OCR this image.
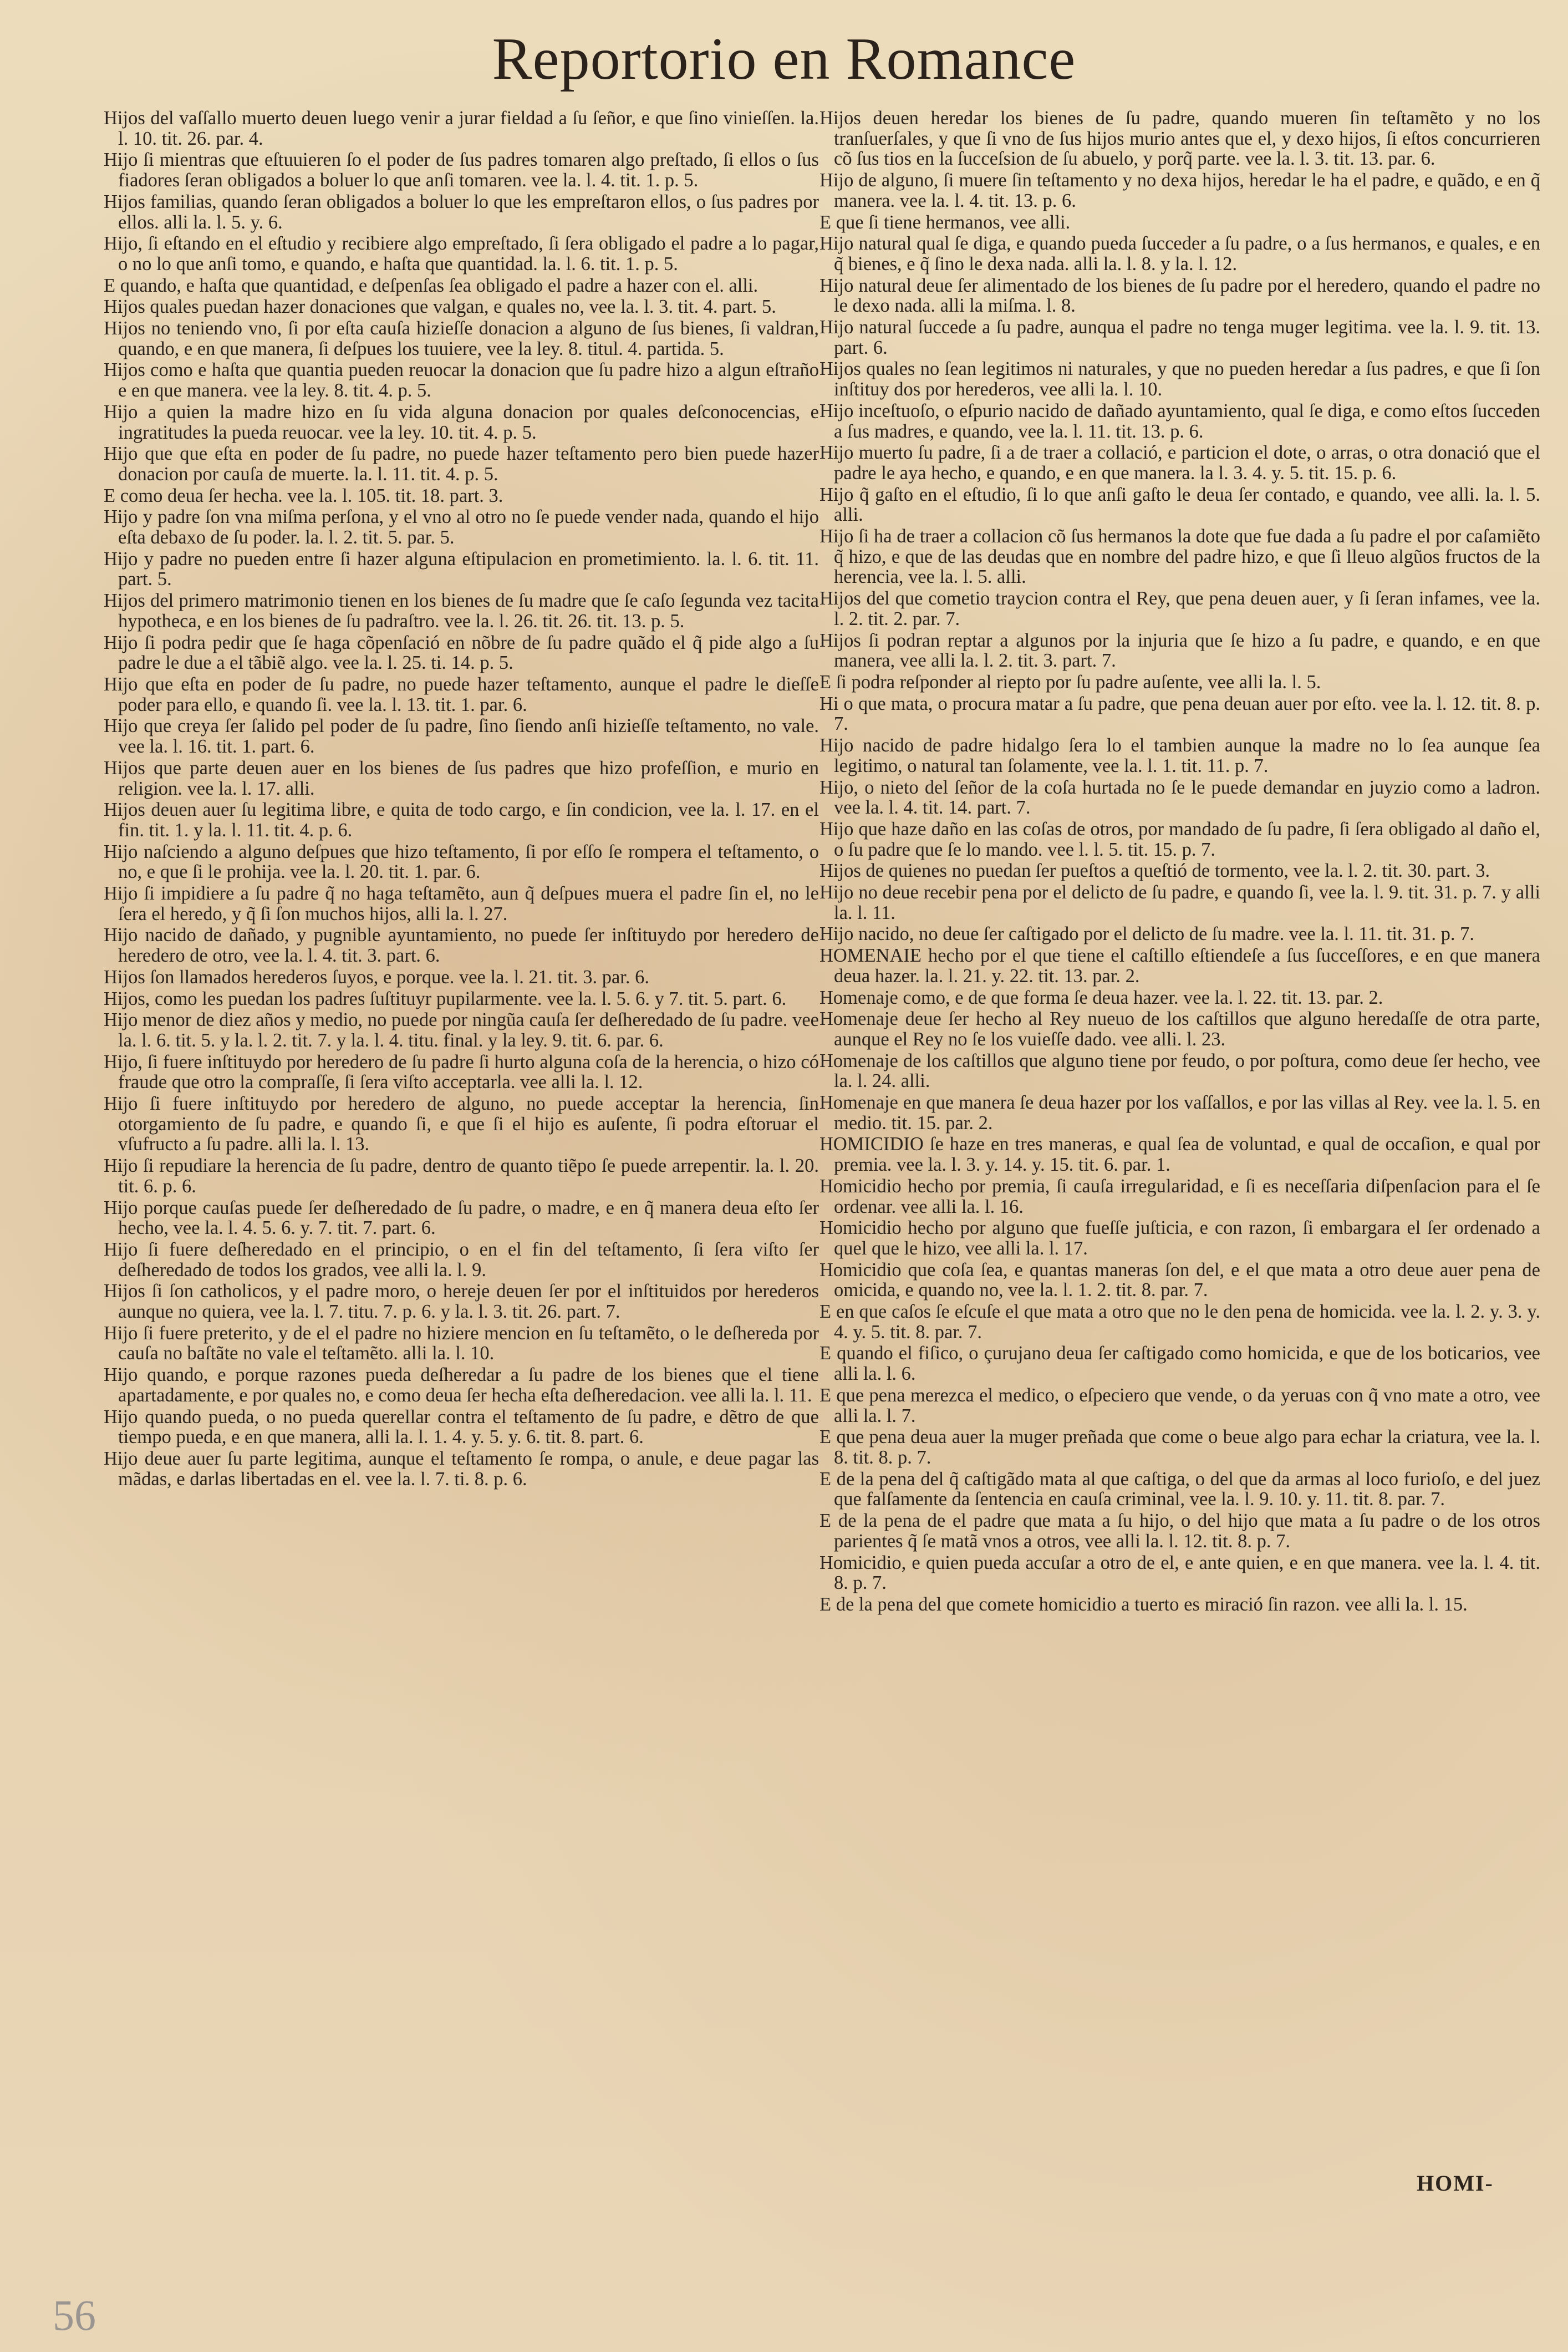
Reportorio en Romance

Hijos del vaſſallo muerto deuen luego venir a jurar fieldad a ſu ſeñor, e que ſino vinieſſen. la. l. 10. tit. 26. par. 4.

Hijo ſi mientras que eſtuuieren ſo el poder de ſus padres tomaren algo preſtado, ſi ellos o ſus fiadores ſeran obligados a boluer lo que anſi tomaren. vee la. l. 4. tit. 1. p. 5.

Hijos familias, quando ſeran obligados a boluer lo que les empreſtaron ellos, o ſus padres por ellos. alli la. l. 5. y. 6.

Hijo, ſi eſtando en el eſtudio y recibiere algo empreſtado, ſi ſera obligado el padre a lo pagar, o no lo que anſi tomo, e quando, e haſta que quantidad. la. l. 6. tit. 1. p. 5.

E quando, e haſta que quantidad, e deſpenſas ſea obligado el padre a hazer con el. alli.

Hijos quales puedan hazer donaciones que valgan, e quales no, vee la. l. 3. tit. 4. part. 5.

Hijos no teniendo vno, ſi por eſta cauſa hizieſſe donacion a alguno de ſus bienes, ſi valdran, quando, e en que manera, ſi deſpues los tuuiere, vee la ley. 8. titul. 4. partida. 5.

Hijos como e haſta que quantia pueden reuocar la donacion que ſu padre hizo a algun eſtraño e en que manera. vee la ley. 8. tit. 4. p. 5.

Hijo a quien la madre hizo en ſu vida alguna donacion por quales deſconocencias, e ingratitudes la pueda reuocar. vee la ley. 10. tit. 4. p. 5.

Hijo que que eſta en poder de ſu padre, no puede hazer teſtamento pero bien puede hazer donacion por cauſa de muerte. la. l. 11. tit. 4. p. 5.

E como deua ſer hecha. vee la. l. 105. tit. 18. part. 3.

Hijo y padre ſon vna miſma perſona, y el vno al otro no ſe puede vender nada, quando el hijo eſta debaxo de ſu poder. la. l. 2. tit. 5. par. 5.

Hijo y padre no pueden entre ſi hazer alguna eſtipulacion en prometimiento. la. l. 6. tit. 11. part. 5.

Hijos del primero matrimonio tienen en los bienes de ſu madre que ſe caſo ſegunda vez tacita hypotheca, e en los bienes de ſu padraſtro. vee la. l. 26. tit. 26. tit. 13. p. 5.

Hijo ſi podra pedir que ſe haga cõpenſació en nõbre de ſu padre quãdo el q̃ pide algo a ſu padre le due a el tãbiẽ algo. vee la. l. 25. ti. 14. p. 5.

Hijo que eſta en poder de ſu padre, no puede hazer teſtamento, aunque el padre le dieſſe poder para ello, e quando ſi. vee la. l. 13. tit. 1. par. 6.

Hijo que creya ſer ſalido pel poder de ſu padre, ſino ſiendo anſi hizieſſe teſtamento, no vale. vee la. l. 16. tit. 1. part. 6.

Hijos que parte deuen auer en los bienes de ſus padres que hizo profeſſion, e murio en religion. vee la. l. 17. alli.

Hijos deuen auer ſu legitima libre, e quita de todo cargo, e ſin condicion, vee la. l. 17. en el fin. tit. 1. y la. l. 11. tit. 4. p. 6.

Hijo naſciendo a alguno deſpues que hizo teſtamento, ſi por eſſo ſe rompera el teſtamento, o no, e que ſi le prohija. vee la. l. 20. tit. 1. par. 6.

Hijo ſi impidiere a ſu padre q̃ no haga teſtamẽto, aun q̃ deſpues muera el padre ſin el, no le ſera el heredo, y q̃ ſi ſon muchos hijos, alli la. l. 27.

Hijo nacido de dañado, y pugnible ayuntamiento, no puede ſer inſtituydo por heredero de heredero de otro, vee la. l. 4. tit. 3. part. 6.

Hijos ſon llamados herederos ſuyos, e porque. vee la. l. 21. tit. 3. par. 6.

Hijos, como les puedan los padres ſuſtituyr pupilarmente. vee la. l. 5. 6. y 7. tit. 5. part. 6.

Hijo menor de diez años y medio, no puede por ningũa cauſa ſer deſheredado de ſu padre. vee la. l. 6. tit. 5. y la. l. 2. tit. 7. y la. l. 4. titu. final. y la ley. 9. tit. 6. par. 6.

Hijo, ſi fuere inſtituydo por heredero de ſu padre ſi hurto alguna coſa de la herencia, o hizo có fraude que otro la compraſſe, ſi ſera viſto acceptarla. vee alli la. l. 12.

Hijo ſi fuere inſtituydo por heredero de alguno, no puede acceptar la herencia, ſin otorgamiento de ſu padre, e quando ſi, e que ſi el hijo es auſente, ſi podra eſtoruar el vſufructo a ſu padre. alli la. l. 13.

Hijo ſi repudiare la herencia de ſu padre, dentro de quanto tiẽpo ſe puede arrepentir. la. l. 20. tit. 6. p. 6.

Hijo porque cauſas puede ſer deſheredado de ſu padre, o madre, e en q̃ manera deua eſto ſer hecho, vee la. l. 4. 5. 6. y. 7. tit. 7. part. 6.

Hijo ſi fuere deſheredado en el principio, o en el fin del teſtamento, ſi ſera viſto ſer deſheredado de todos los grados, vee alli la. l. 9.

Hijos ſi ſon catholicos, y el padre moro, o hereje deuen ſer por el inſtituidos por herederos aunque no quiera, vee la. l. 7. titu. 7. p. 6. y la. l. 3. tit. 26. part. 7.

Hijo ſi fuere preterito, y de el el padre no hiziere mencion en ſu teſtamẽto, o le deſhereda por cauſa no baſtãte no vale el teſtamẽto. alli la. l. 10.

Hijo quando, e porque razones pueda deſheredar a ſu padre de los bienes que el tiene apartadamente, e por quales no, e como deua ſer hecha eſta deſheredacion. vee alli la. l. 11.

Hijo quando pueda, o no pueda querellar contra el teſtamento de ſu padre, e dẽtro de que tiempo pueda, e en que manera, alli la. l. 1. 4. y. 5. y. 6. tit. 8. part. 6.

Hijo deue auer ſu parte legitima, aunque el teſtamento ſe rompa, o anule, e deue pagar las mãdas, e darlas libertadas en el. vee la. l. 7. ti. 8. p. 6.

Hijos deuen heredar los bienes de ſu padre, quando mueren ſin teſtamẽto y no los tranſuerſales, y que ſi vno de ſus hijos murio antes que el, y dexo hijos, ſi eſtos concurrieren cõ ſus tios en la ſucceſsion de ſu abuelo, y porq̃ parte. vee la. l. 3. tit. 13. par. 6.

Hijo de alguno, ſi muere ſin teſtamento y no dexa hijos, heredar le ha el padre, e quãdo, e en q̃ manera. vee la. l. 4. tit. 13. p. 6.

E que ſi tiene hermanos, vee alli.

Hijo natural qual ſe diga, e quando pueda ſucceder a ſu padre, o a ſus hermanos, e quales, e en q̃ bienes, e q̃ ſino le dexa nada. alli la. l. 8. y la. l. 12.

Hijo natural deue ſer alimentado de los bienes de ſu padre por el heredero, quando el padre no le dexo nada. alli la miſma. l. 8.

Hijo natural ſuccede a ſu padre, aunqua el padre no tenga muger legitima. vee la. l. 9. tit. 13. part. 6.

Hijos quales no ſean legitimos ni naturales, y que no pueden heredar a ſus padres, e que ſi ſon inſtituy dos por herederos, vee alli la. l. 10.

Hijo inceſtuoſo, o eſpurio nacido de dañado ayuntamiento, qual ſe diga, e como eſtos ſucceden a ſus madres, e quando, vee la. l. 11. tit. 13. p. 6.

Hijo muerto ſu padre, ſi a de traer a collació, e particion el dote, o arras, o otra donació que el padre le aya hecho, e quando, e en que manera. la l. 3. 4. y. 5. tit. 15. p. 6.

Hijo q̃ gaſto en el eſtudio, ſi lo que anſi gaſto le deua ſer contado, e quando, vee alli. la. l. 5. alli.

Hijo ſi ha de traer a collacion cõ ſus hermanos la dote que fue dada a ſu padre el por caſamiẽto q̃ hizo, e que de las deudas que en nombre del padre hizo, e que ſi lleuo algũos fructos de la herencia, vee la. l. 5. alli.

Hijos del que cometio traycion contra el Rey, que pena deuen auer, y ſi ſeran infames, vee la. l. 2. tit. 2. par. 7.

Hijos ſi podran reptar a algunos por la injuria que ſe hizo a ſu padre, e quando, e en que manera, vee alli la. l. 2. tit. 3. part. 7.

E ſi podra reſponder al riepto por ſu padre auſente, vee alli la. l. 5.

Hi o que mata, o procura matar a ſu padre, que pena deuan auer por eſto. vee la. l. 12. tit. 8. p. 7.

Hijo nacido de padre hidalgo ſera lo el tambien aunque la madre no lo ſea aunque ſea legitimo, o natural tan ſolamente, vee la. l. 1. tit. 11. p. 7.

Hijo, o nieto del ſeñor de la coſa hurtada no ſe le puede demandar en juyzio como a ladron. vee la. l. 4. tit. 14. part. 7.

Hijo que haze daño en las coſas de otros, por mandado de ſu padre, ſi ſera obligado al daño el, o ſu padre que ſe lo mando. vee l. l. 5. tit. 15. p. 7.

Hijos de quienes no puedan ſer pueſtos a queſtió de tormento, vee la. l. 2. tit. 30. part. 3.

Hijo no deue recebir pena por el delicto de ſu padre, e quando ſi, vee la. l. 9. tit. 31. p. 7. y alli la. l. 11.

Hijo nacido, no deue ſer caſtigado por el delicto de ſu madre. vee la. l. 11. tit. 31. p. 7.

HOMENAIE hecho por el que tiene el caſtillo eſtiendeſe a ſus ſucceſſores, e en que manera deua hazer. la. l. 21. y. 22. tit. 13. par. 2.

Homenaje como, e de que forma ſe deua hazer. vee la. l. 22. tit. 13. par. 2.

Homenaje deue ſer hecho al Rey nueuo de los caſtillos que alguno heredaſſe de otra parte, aunque el Rey no ſe los vuieſſe dado. vee alli. l. 23.

Homenaje de los caſtillos que alguno tiene por feudo, o por poſtura, como deue ſer hecho, vee la. l. 24. alli.

Homenaje en que manera ſe deua hazer por los vaſſallos, e por las villas al Rey. vee la. l. 5. en medio. tit. 15. par. 2.

HOMICIDIO ſe haze en tres maneras, e qual ſea de voluntad, e qual de occaſion, e qual por premia. vee la. l. 3. y. 14. y. 15. tit. 6. par. 1.

Homicidio hecho por premia, ſi cauſa irregularidad, e ſi es neceſſaria diſpenſacion para el ſe ordenar. vee alli la. l. 16.

Homicidio hecho por alguno que fueſſe juſticia, e con razon, ſi embargara el ſer ordenado a quel que le hizo, vee alli la. l. 17.

Homicidio que coſa ſea, e quantas maneras ſon del, e el que mata a otro deue auer pena de omicida, e quando no, vee la. l. 1. 2. tit. 8. par. 7.

E en que caſos ſe eſcuſe el que mata a otro que no le den pena de homicida. vee la. l. 2. y. 3. y. 4. y. 5. tit. 8. par. 7.

E quando el fiſico, o çurujano deua ſer caſtigado como homicida, e que de los boticarios, vee alli la. l. 6.

E que pena merezca el medico, o eſpeciero que vende, o da yeruas con q̃ vno mate a otro, vee alli la. l. 7.

E que pena deua auer la muger preñada que come o beue algo para echar la criatura, vee la. l. 8. tit. 8. p. 7.

E de la pena del q̃ caſtigãdo mata al que caſtiga, o del que da armas al loco furioſo, e del juez que falſamente da ſentencia en cauſa criminal, vee la. l. 9. 10. y. 11. tit. 8. par. 7.

E de la pena de el padre que mata a ſu hijo, o del hijo que mata a ſu padre o de los otros parientes q̃ ſe matã vnos a otros, vee alli la. l. 12. tit. 8. p. 7.

Homicidio, e quien pueda accuſar a otro de el, e ante quien, e en que manera. vee la. l. 4. tit. 8. p. 7.

E de la pena del que comete homicidio a tuerto es miració ſin razon. vee alli la. l. 15.

HOMI-
56
